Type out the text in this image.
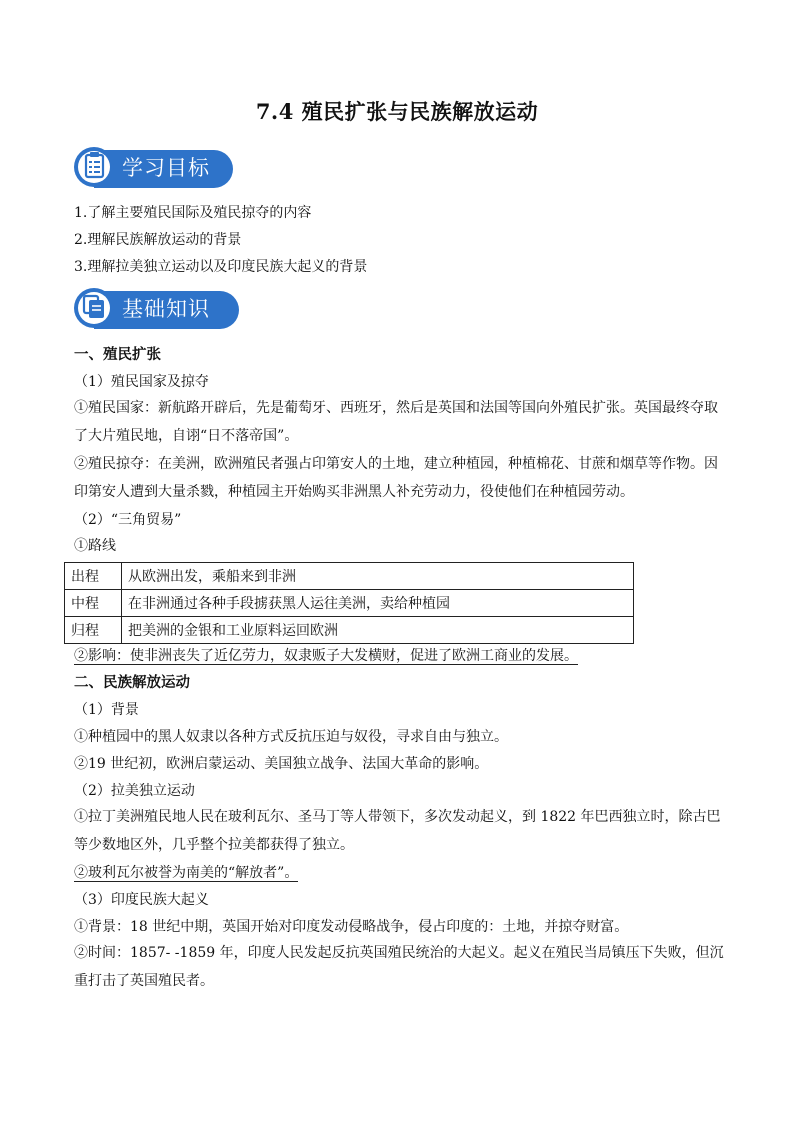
7.4 殖民扩张与民族解放运动
学习目标
1.了解主要殖民国际及殖民掠夺的内容
2.理解民族解放运动的背景
3.理解拉美独立运动以及印度民族大起义的背景
基础知识
一、殖民扩张
（1）殖民国家及掠夺
①殖民国家：新航路开辟后，先是葡萄牙、西班牙，然后是英国和法国等国向外殖民扩张。英国最终夺取了大片殖民地，自诩“日不落帝国”。
②殖民掠夺：在美洲，欧洲殖民者强占印第安人的土地，建立种植园，种植棉花、甘蔗和烟草等作物。因印第安人遭到大量杀戮，种植园主开始购买非洲黑人补充劳动力，役使他们在种植园劳动。
（2）“三角贸易”
①路线
出程	从欧洲出发，乘船来到非洲
中程	在非洲通过各种手段掳获黑人运往美洲，卖给种植园
归程	把美洲的金银和工业原料运回欧洲
②影响：使非洲丧失了近亿劳力，奴隶贩子大发横财，促进了欧洲工商业的发展。
二、民族解放运动
（1）背景
①种植园中的黑人奴隶以各种方式反抗压迫与奴役，寻求自由与独立。
②19 世纪初，欧洲启蒙运动、美国独立战争、法国大革命的影响。
（2）拉美独立运动
①拉丁美洲殖民地人民在玻利瓦尔、圣马丁等人带领下，多次发动起义，到 1822 年巴西独立时，除古巴等少数地区外，几乎整个拉美都获得了独立。
②玻利瓦尔被誉为南美的“解放者”。
（3）印度民族大起义
①背景：18 世纪中期，英国开始对印度发动侵略战争，侵占印度的：土地，并掠夺财富。
②时间：1857- -1859 年，印度人民发起反抗英国殖民统治的大起义。起义在殖民当局镇压下失败，但沉重打击了英国殖民者。
